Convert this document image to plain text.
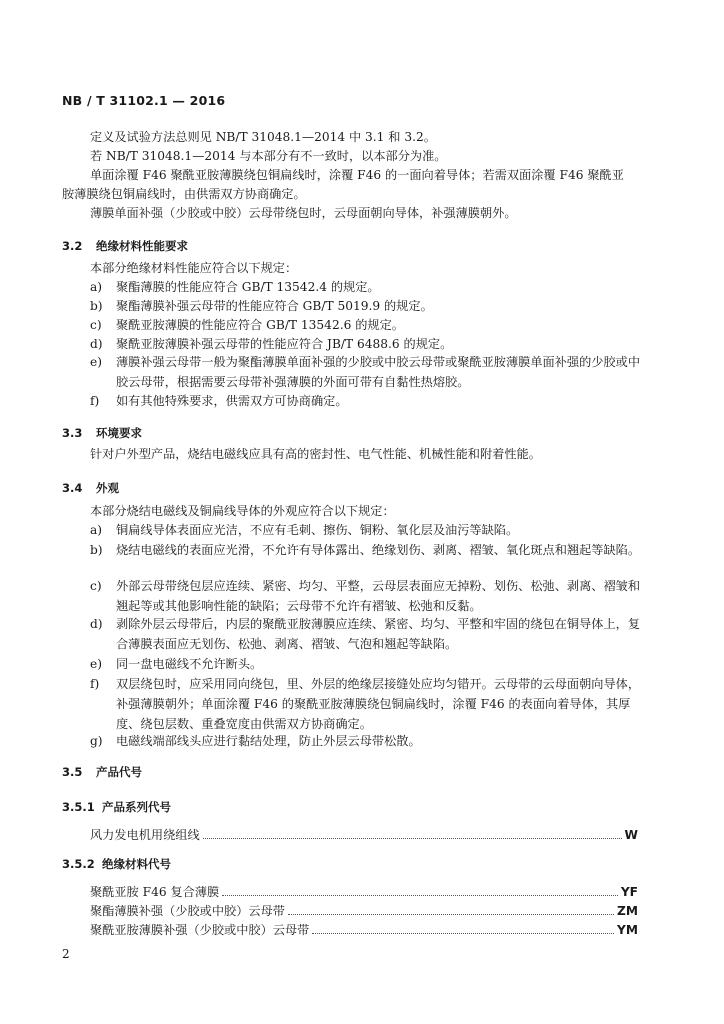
NB / T 31102.1 — 2016
定义及试验方法总则见 NB/T 31048.1—2014 中 3.1 和 3.2。
若 NB/T 31048.1—2014 与本部分有不一致时，以本部分为准。
单面涂覆 F46 聚酰亚胺薄膜绕包铜扁线时，涂覆 F46 的一面向着导体；若需双面涂覆 F46 聚酰亚
胺薄膜绕包铜扁线时，由供需双方协商确定。
薄膜单面补强（少胶或中胶）云母带绕包时，云母面朝向导体，补强薄膜朝外。
3.2 绝缘材料性能要求
本部分绝缘材料性能应符合以下规定：
a)	聚酯薄膜的性能应符合 GB/T 13542.4 的规定。
b)	聚酯薄膜补强云母带的性能应符合 GB/T 5019.9 的规定。
c)	聚酰亚胺薄膜的性能应符合 GB/T 13542.6 的规定。
d)	聚酰亚胺薄膜补强云母带的性能应符合 JB/T 6488.6 的规定。
e)	薄膜补强云母带一般为聚酯薄膜单面补强的少胶或中胶云母带或聚酰亚胺薄膜单面补强的少胶或中胶云母带，根据需要云母带补强薄膜的外面可带有自黏性热熔胶。
f)	如有其他特殊要求，供需双方可协商确定。
3.3 环境要求
针对户外型产品，烧结电磁线应具有高的密封性、电气性能、机械性能和附着性能。
3.4 外观
本部分烧结电磁线及铜扁线导体的外观应符合以下规定：
a)	铜扁线导体表面应光洁，不应有毛刺、擦伤、铜粉、氧化层及油污等缺陷。
b)	烧结电磁线的表面应光滑，不允许有导体露出、绝缘划伤、剥离、褶皱、氧化斑点和翘起等缺陷。
c)	外部云母带绕包层应连续、紧密、均匀、平整，云母层表面应无掉粉、划伤、松弛、剥离、褶皱和翘起等或其他影响性能的缺陷；云母带不允许有褶皱、松弛和反黏。
d)	剥除外层云母带后，内层的聚酰亚胺薄膜应连续、紧密、均匀、平整和牢固的绕包在铜导体上，复合薄膜表面应无划伤、松弛、剥离、褶皱、气泡和翘起等缺陷。
e)	同一盘电磁线不允许断头。
f)	双层绕包时，应采用同向绕包，里、外层的绝缘层接缝处应均匀错开。云母带的云母面朝向导体，补强薄膜朝外；单面涂覆 F46 的聚酰亚胺薄膜绕包铜扁线时，涂覆 F46 的表面向着导体，其厚度、绕包层数、重叠宽度由供需双方协商确定。
g)	电磁线端部线头应进行黏结处理，防止外层云母带松散。
3.5 产品代号
3.5.1 产品系列代号
风力发电机用绕组线	W
3.5.2 绝缘材料代号
聚酰亚胺 F46 复合薄膜	YF
聚酯薄膜补强（少胶或中胶）云母带	ZM
聚酰亚胺薄膜补强（少胶或中胶）云母带	YM
2
